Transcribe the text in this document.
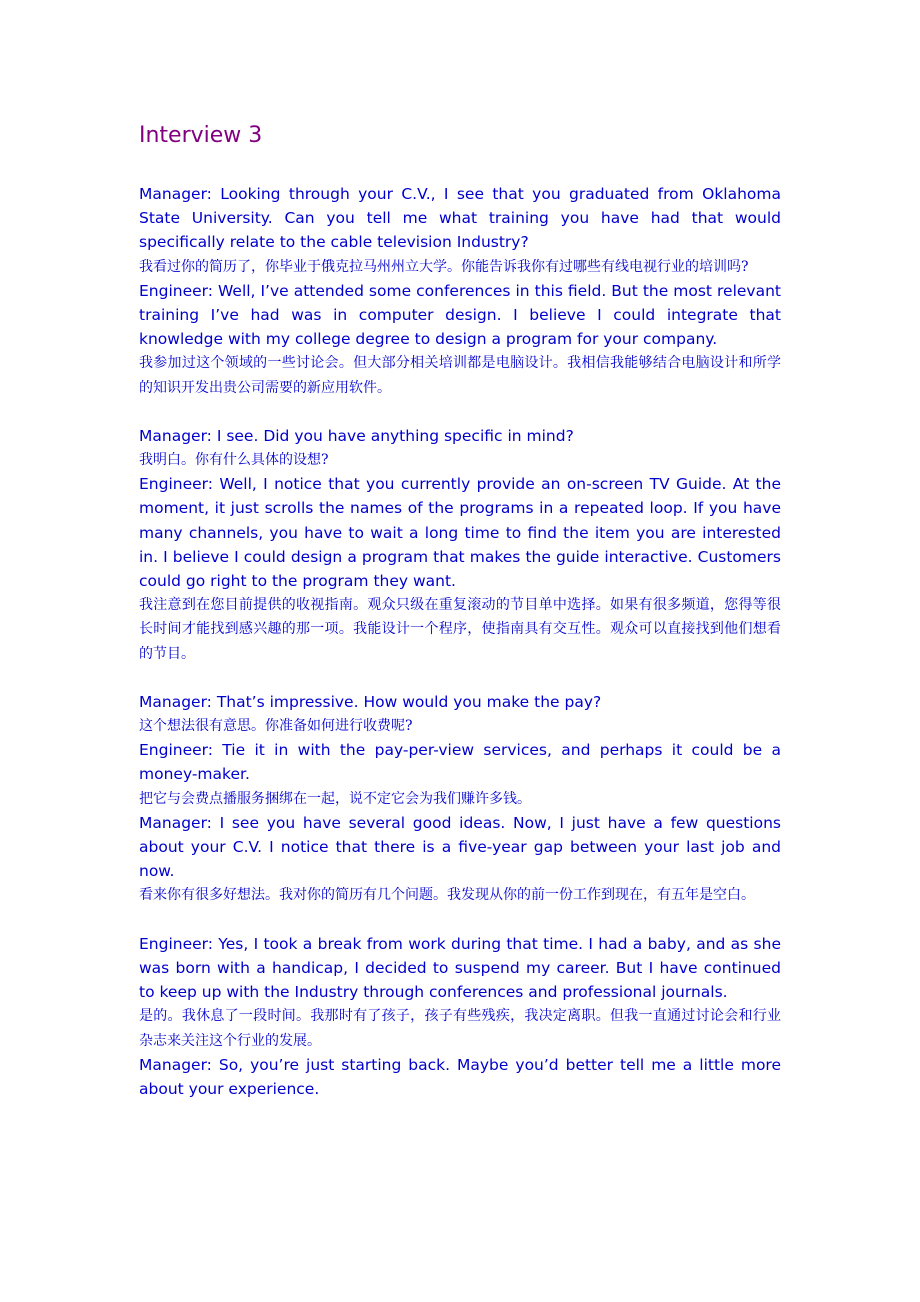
Interview 3

Manager: Looking through your C.V., I see that you graduated from Oklahoma State University. Can you tell me what training you have had that would specifically relate to the cable television Industry?

我看过你的简历了，你毕业于俄克拉马州州立大学。你能告诉我你有过哪些有线电视行业的培训吗?

Engineer: Well, I’ve attended some conferences in this field. But the most relevant training I’ve had was in computer design. I believe I could integrate that knowledge with my college degree to design a program for your company.

我参加过这个领域的一些讨论会。但大部分相关培训都是电脑设计。我相信我能够结合电脑设计和所学的知识开发出贵公司需要的新应用软件。

Manager: I see. Did you have anything specific in mind?

我明白。你有什么具体的设想?

Engineer: Well, I notice that you currently provide an on-screen TV Guide. At the moment, it just scrolls the names of the programs in a repeated loop. If you have many channels, you have to wait a long time to find the item you are interested in. I believe I could design a program that makes the guide interactive. Customers could go right to the program they want.

我注意到在您目前提供的收视指南。观众只级在重复滚动的节目单中选择。如果有很多频道，您得等很长时间才能找到感兴趣的那一项。我能设计一个程序，使指南具有交互性。观众可以直接找到他们想看的节目。

Manager: That’s impressive. How would you make the pay?

这个想法很有意思。你准备如何进行收费呢?

Engineer: Tie it in with the pay-per-view services, and perhaps it could be a money-maker.

把它与会费点播服务捆绑在一起，说不定它会为我们赚许多钱。

Manager: I see you have several good ideas. Now, I just have a few questions about your C.V. I notice that there is a five-year gap between your last job and now.

看来你有很多好想法。我对你的简历有几个问题。我发现从你的前一份工作到现在，有五年是空白。

Engineer: Yes, I took a break from work during that time. I had a baby, and as she was born with a handicap, I decided to suspend my career. But I have continued to keep up with the Industry through conferences and professional journals.

是的。我休息了一段时间。我那时有了孩子，孩子有些残疾，我决定离职。但我一直通过讨论会和行业杂志来关注这个行业的发展。

Manager: So, you’re just starting back. Maybe you’d better tell me a little more about your experience.
